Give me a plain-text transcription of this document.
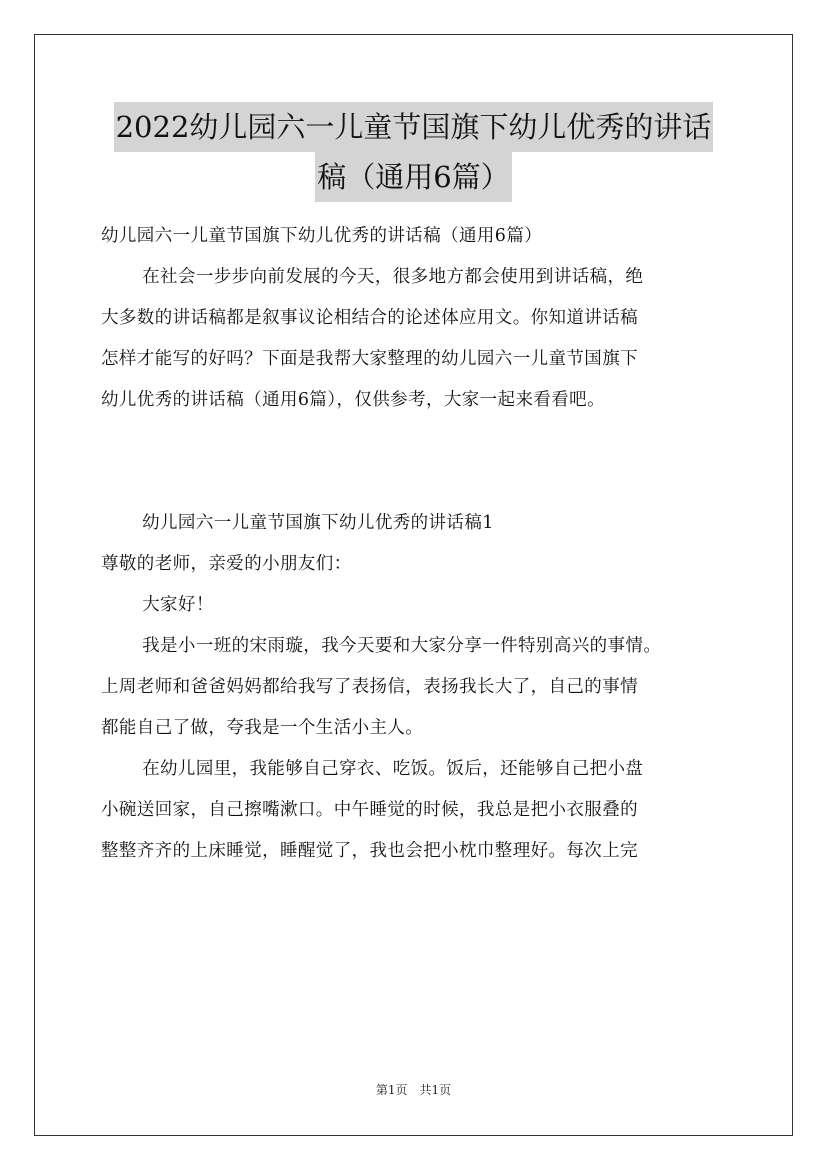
2022幼儿园六一儿童节国旗下幼儿优秀的讲话
稿（通用6篇）

幼儿园六一儿童节国旗下幼儿优秀的讲话稿（通用6篇）

在社会一步步向前发展的今天，很多地方都会使用到讲话稿，绝

大多数的讲话稿都是叙事议论相结合的论述体应用文。你知道讲话稿

怎样才能写的好吗？下面是我帮大家整理的幼儿园六一儿童节国旗下

幼儿优秀的讲话稿（通用6篇），仅供参考，大家一起来看看吧。

幼儿园六一儿童节国旗下幼儿优秀的讲话稿1

尊敬的老师，亲爱的小朋友们：

大家好！

我是小一班的宋雨璇，我今天要和大家分享一件特别高兴的事情。

上周老师和爸爸妈妈都给我写了表扬信，表扬我长大了，自己的事情

都能自己了做，夸我是一个生活小主人。

在幼儿园里，我能够自己穿衣、吃饭。饭后，还能够自己把小盘

小碗送回家，自己擦嘴漱口。中午睡觉的时候，我总是把小衣服叠的

整整齐齐的上床睡觉，睡醒觉了，我也会把小枕巾整理好。每次上完

第1页　共1页
